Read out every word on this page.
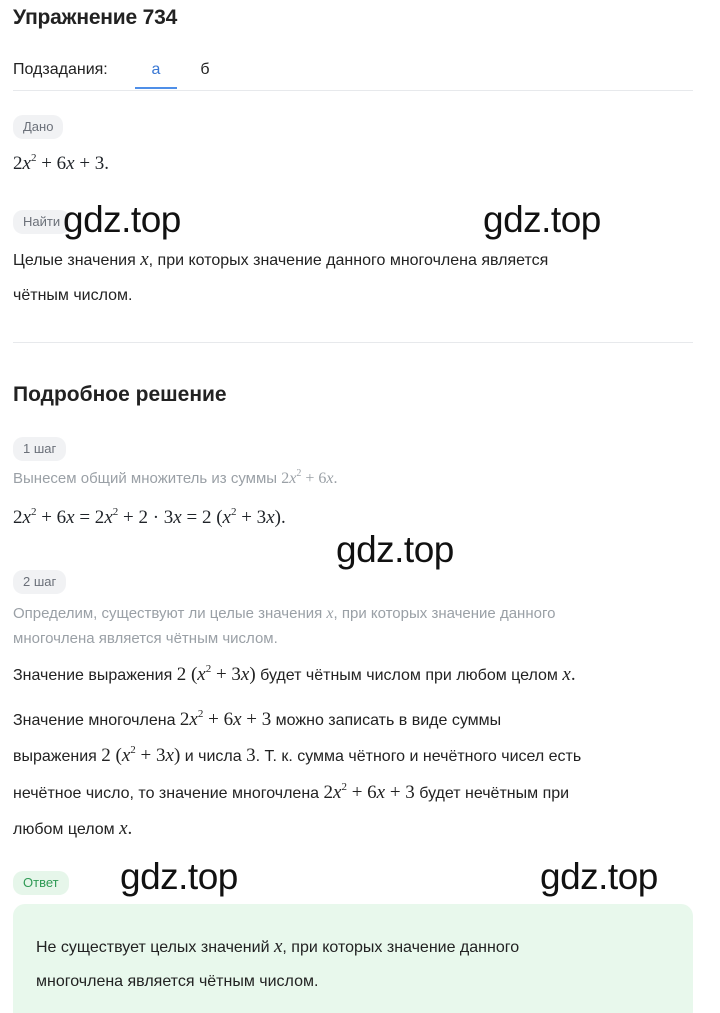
Упражнение 734
Подзадания:	а	б
Дано
$2x^2 + 6x + 3$.
Найти
Целые значения x, при которых значение данного многочлена является
чётным числом.
Подробное решение
1 шаг
Вынесем общий множитель из суммы $2x^2 + 6x$.
$2x^2 + 6x = 2x^2 + 2 \cdot 3x = 2$ $(x^2 + 3x)$.
2 шаг
Определим, существуют ли целые значения x, при которых значение данного
многочлена является чётным числом.
Значение выражения 2 $(x^2 + 3x)$ будет чётным числом при любом целом x.
Значение многочлена $2x^2 + 6x + 3$ можно записать в виде суммы
выражения 2 $(x^2 + 3x)$ и числа 3. Т. к. сумма чётного и нечётного чисел есть
нечётное число, то значение многочлена $2x^2 + 6x + 3$ будет нечётным при
любом целом x.
Ответ
Не существует целых значений x, при которых значение данного
многочлена является чётным числом.
gdz.top	gdz.top
gdz.top
gdz.top	gdz.top
